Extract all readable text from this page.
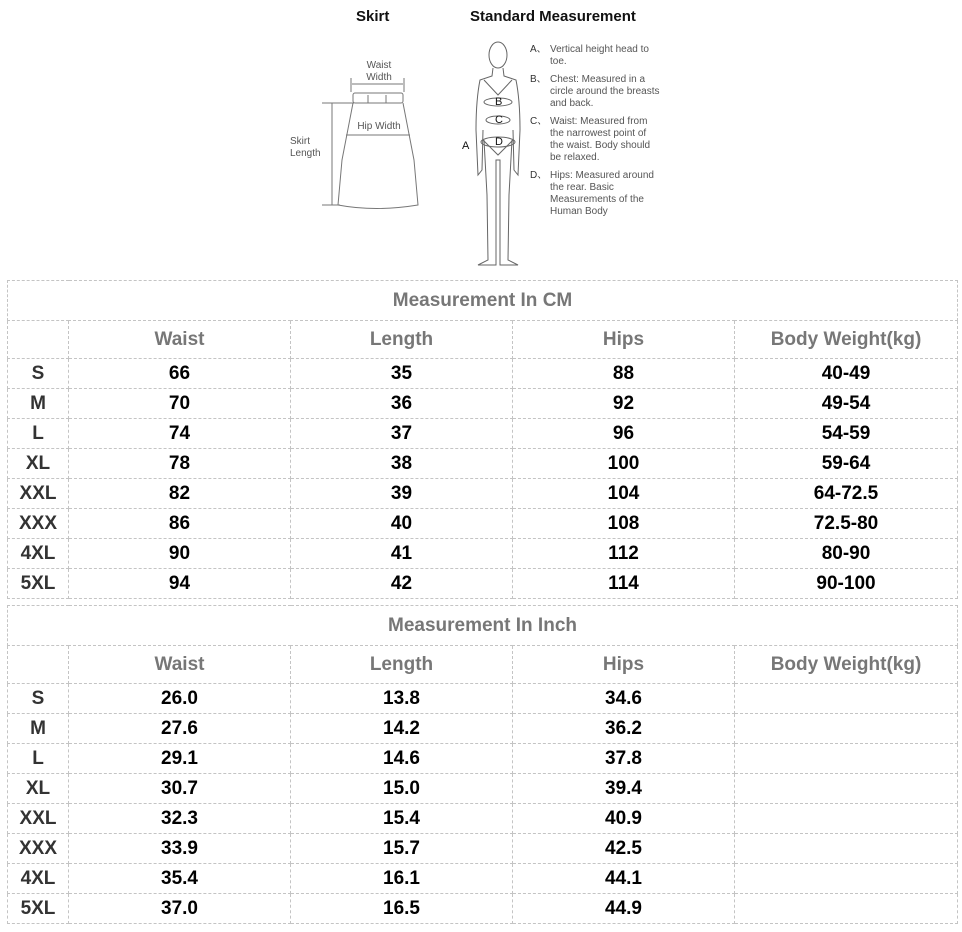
Skirt	Standard Measurement
Waist Width
Hip Width
Skirt Length
A
B
C
D
A、 Vertical height head to toe.
B、 Chest: Measured in a circle around the breasts and back.
C、 Waist: Measured from the narrowest point of the waist. Body should be relaxed.
D、 Hips: Measured around the rear. Basic Measurements of the Human Body
Measurement In CM				
	Waist	Length	Hips	Body Weight(kg)
S	66	35	88	40-49
M	70	36	92	49-54
L	74	37	96	54-59
XL	78	38	100	59-64
XXL	82	39	104	64-72.5
XXX	86	40	108	72.5-80
4XL	90	41	112	80-90
5XL	94	42	114	90-100
Measurement In Inch				
	Waist	Length	Hips	Body Weight(kg)
S	26.0	13.8	34.6	
M	27.6	14.2	36.2	
L	29.1	14.6	37.8	
XL	30.7	15.0	39.4	
XXL	32.3	15.4	40.9	
XXX	33.9	15.7	42.5	
4XL	35.4	16.1	44.1	
5XL	37.0	16.5	44.9	
